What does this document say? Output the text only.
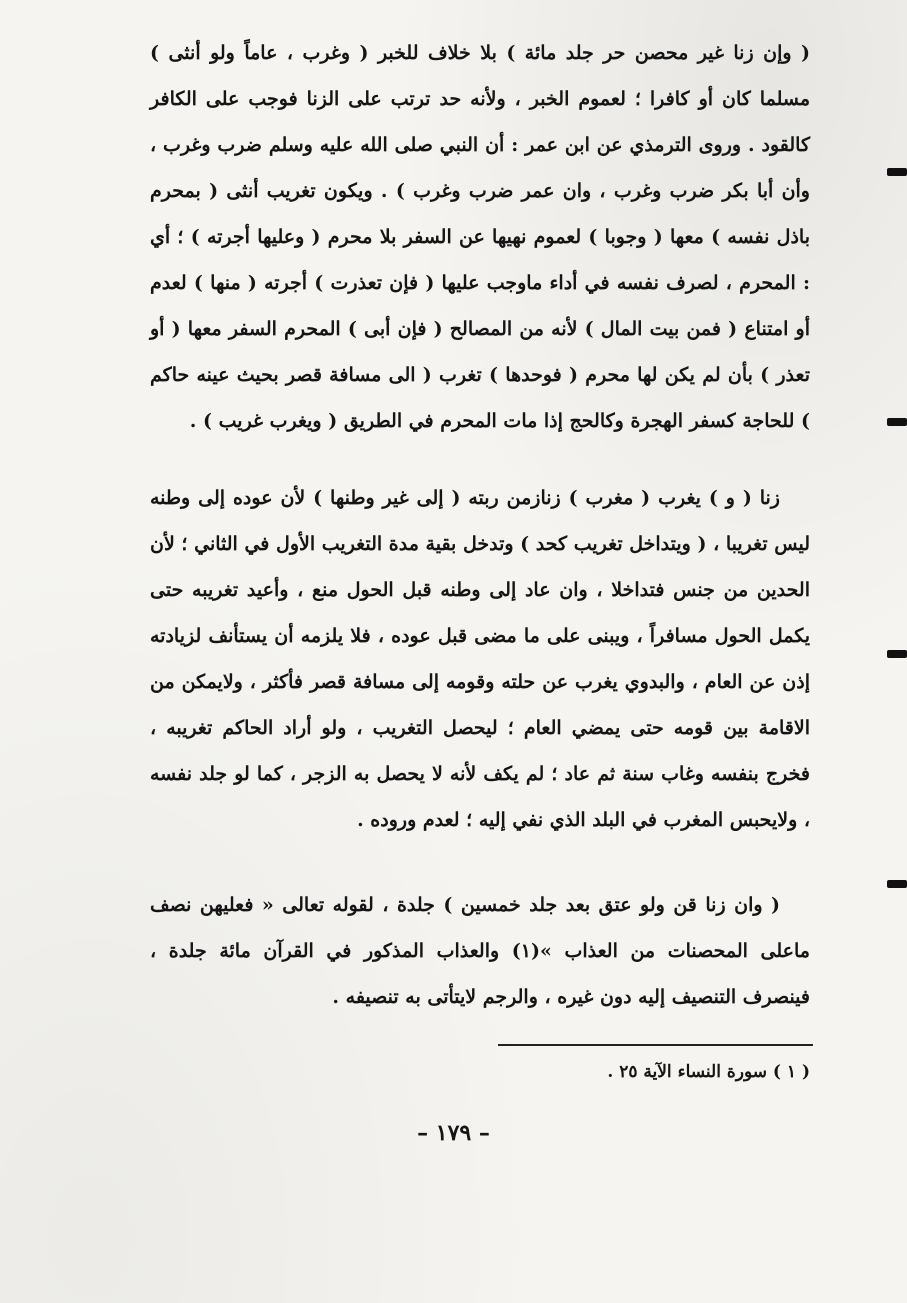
( وإن زنا غير محصن حر جلد مائة ) بلا خلاف للخبر ( وغرب ، عاماً ولو أنثى ) مسلما كان أو كافرا ؛ لعموم الخبر ، ولأنه حد ترتب على الزنا فوجب على الكافر كالقود . وروى الترمذي عن ابن عمر : أن النبي صلى الله عليه وسلم ضرب وغرب ، وأن أبا بكر ضرب وغرب ، وان عمر ضرب وغرب ) . ويكون تغريب أنثى ( بمحرم باذل نفسه ) معها ( وجوبا ) لعموم نهيها عن السفر بلا محرم ( وعليها أجرته ) ؛ أي : المحرم ، لصرف نفسه في أداء ماوجب عليها ( فإن تعذرت ) أجرته ( منها ) لعدم أو امتناع ( فمن بيت المال ) لأنه من المصالح ( فإن أبى ) المحرم السفر معها ( أو تعذر ) بأن لم يكن لها محرم ( فوحدها ) تغرب ( الى مسافة قصر بحيث عينه حاكم ) للحاجة كسفر الهجرة وكالحج إذا مات المحرم في الطريق ( ويغرب غريب ) .

زنا ( و ) يغرب ( مغرب ) زنازمن ربته ( إلى غير وطنها ) لأن عوده إلى وطنه ليس تغريبا ، ( ويتداخل تغريب كحد ) وتدخل بقية مدة التغريب الأول في الثاني ؛ لأن الحدين من جنس فتداخلا ، وان عاد إلى وطنه قبل الحول منع ، وأعيد تغريبه حتى يكمل الحول مسافراً ، ويبنى على ما مضى قبل عوده ، فلا يلزمه أن يستأنف لزيادته إذن عن العام ، والبدوي يغرب عن حلته وقومه إلى مسافة قصر فأكثر ، ولايمكن من الاقامة بين قومه حتى يمضي العام ؛ ليحصل التغريب ، ولو أراد الحاكم تغريبه ، فخرج بنفسه وغاب سنة ثم عاد ؛ لم يكف لأنه لا يحصل به الزجر ، كما لو جلد نفسه ، ولايحبس المغرب في البلد الذي نفي إليه ؛ لعدم وروده .

( وان زنا قن ولو عتق بعد جلد خمسين ) جلدة ، لقوله تعالى « فعليهن نصف ماعلى المحصنات من العذاب »(١) والعذاب المذكور في القرآن مائة جلدة ، فينصرف التنصيف إليه دون غيره ، والرجم لايتأتى به تنصيفه .

( ١ ) سورة النساء الآية ٢٥ .
– ١٧٩ –
